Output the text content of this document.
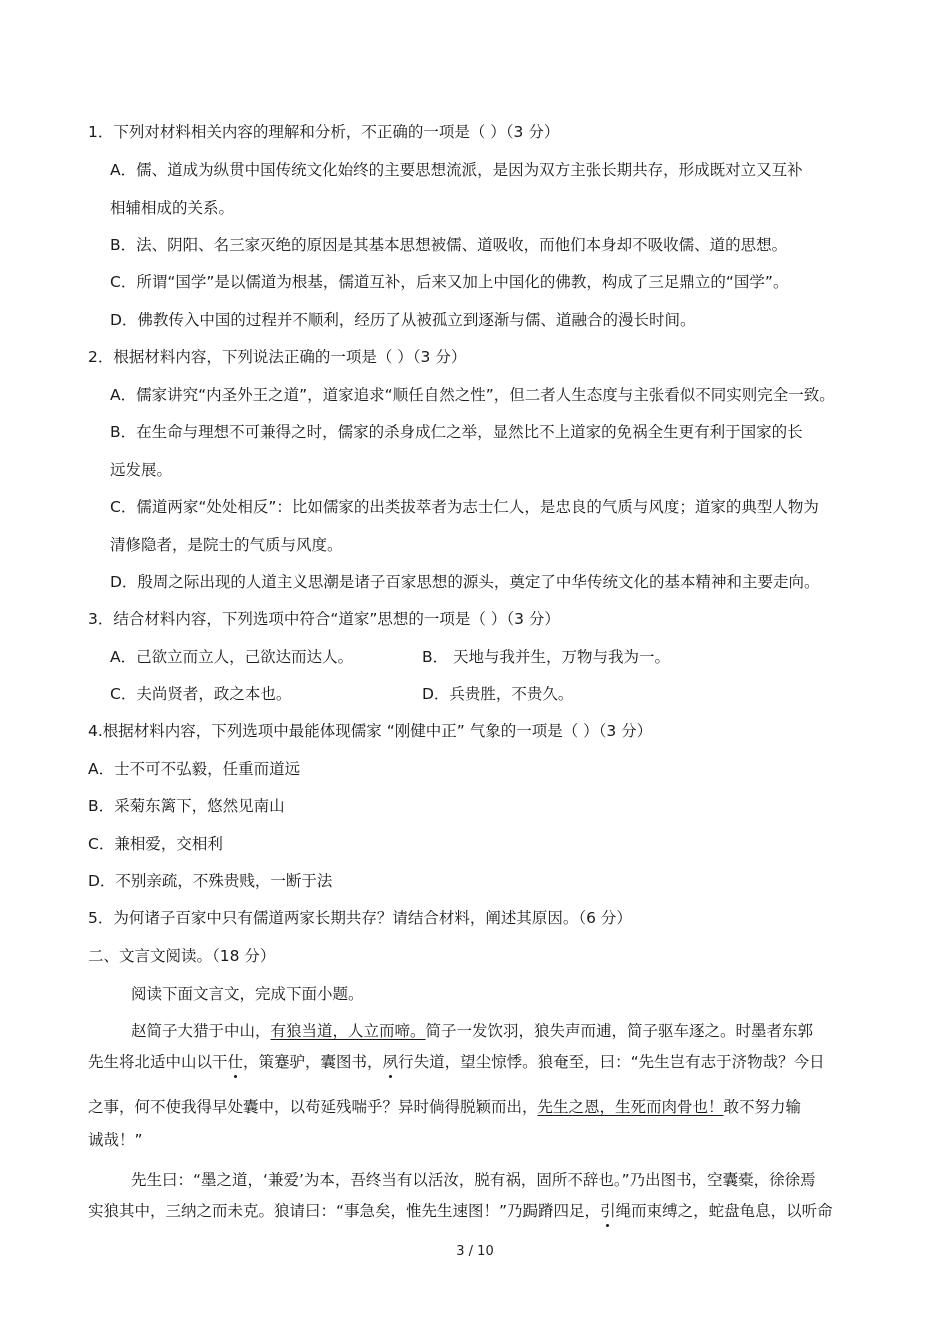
1．下列对材料相关内容的理解和分析，不正确的一项是（ ）（3 分）
A．儒、道成为纵贯中国传统文化始终的主要思想流派，是因为双方主张长期共存，形成既对立又互补
相辅相成的关系。
B．法、阴阳、名三家灭绝的原因是其基本思想被儒、道吸收，而他们本身却不吸收儒、道的思想。
C．所谓“国学”是以儒道为根基，儒道互补，后来又加上中国化的佛教，构成了三足鼎立的“国学”。
D．佛教传入中国的过程并不顺利，经历了从被孤立到逐渐与儒、道融合的漫长时间。
2．根据材料内容，下列说法正确的一项是（ ）（3 分）
A．儒家讲究“内圣外王之道”，道家追求“顺任自然之性”，但二者人生态度与主张看似不同实则完全一致。
B．在生命与理想不可兼得之时，儒家的杀身成仁之举，显然比不上道家的免祸全生更有利于国家的长
远发展。
C．儒道两家“处处相反”：比如儒家的出类拔萃者为志士仁人，是忠良的气质与风度；道家的典型人物为
清修隐者，是院士的气质与风度。
D．殷周之际出现的人道主义思潮是诸子百家思想的源头，奠定了中华传统文化的基本精神和主要走向。
3．结合材料内容，下列选项中符合“道家”思想的一项是（ ）（3 分）
A．己欲立而立人，己欲达而达人。	B． 天地与我并生，万物与我为一。
C．夫尚贤者，政之本也。	D．兵贵胜，不贵久。
4.根据材料内容，下列选项中最能体现儒家 “刚健中正” 气象的一项是（ ）（3 分）
A．士不可不弘毅，任重而道远
B．采菊东篱下，悠然见南山
C．兼相爱，交相利
D．不别亲疏，不殊贵贱，一断于法
5．为何诸子百家中只有儒道两家长期共存？请结合材料，阐述其原因。（6 分）
二、文言文阅读。（18 分）
阅读下面文言文，完成下面小题。
赵简子大猎于中山，有狼当道，人立而啼。简子一发饮羽，狼失声而逋，简子驱车逐之。时墨者东郭
先生将北适中山以干仕，策蹇驴，囊图书，夙行失道，望尘惊悸。狼奄至，曰：“先生岂有志于济物哉？今日
之事，何不使我得早处囊中，以苟延残喘乎？异时倘得脱颖而出，先生之恩，生死而肉骨也！敢不努力输
诚哉！”
先生曰：“墨之道，‘兼爱’为本，吾终当有以活汝，脱有祸，固所不辞也。”乃出图书，空囊橐，徐徐焉
实狼其中，三纳之而未克。狼请曰：“事急矣，惟先生速图！”乃跼蹐四足，引绳而束缚之，蛇盘龟息，以听命
3 / 10
